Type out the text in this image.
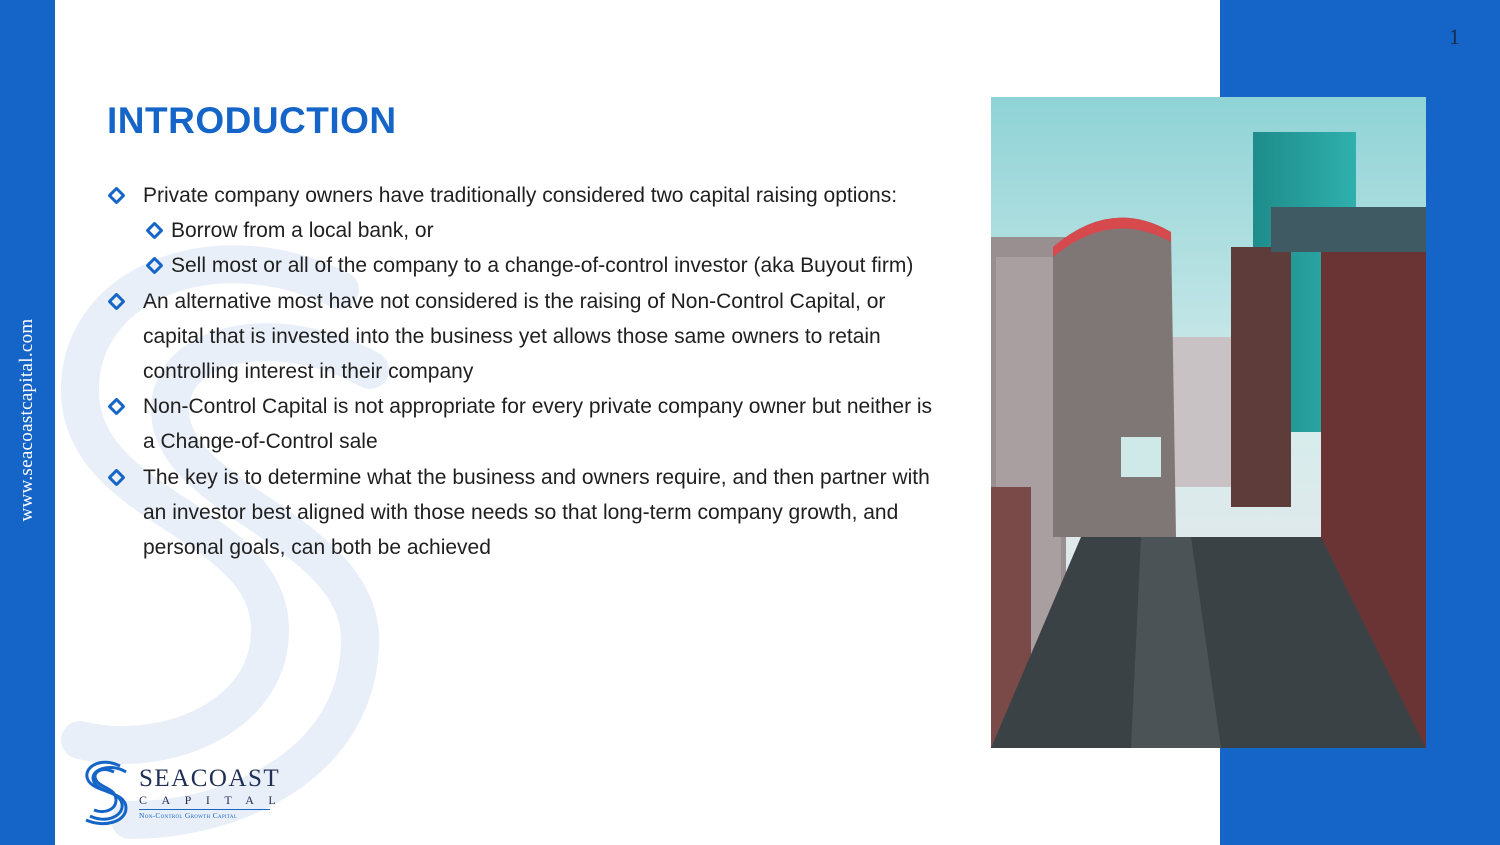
www.seacoastcapital.com
1
INTRODUCTION
Private company owners have traditionally considered two capital raising options:
Borrow from a local bank, or
Sell most or all of the company to a change-of-control investor (aka Buyout firm)
An alternative most have not considered is the raising of Non-Control Capital, or capital that is invested into the business yet allows those same owners to retain controlling interest in their company
Non-Control Capital is not appropriate for every private company owner but neither is a Change-of-Control sale
The key is to determine what the business and owners require, and then partner with an investor best aligned with those needs so that long-term company growth, and personal goals, can both be achieved
SEACOAST
CAPITAL
Non-Control Growth Capital
